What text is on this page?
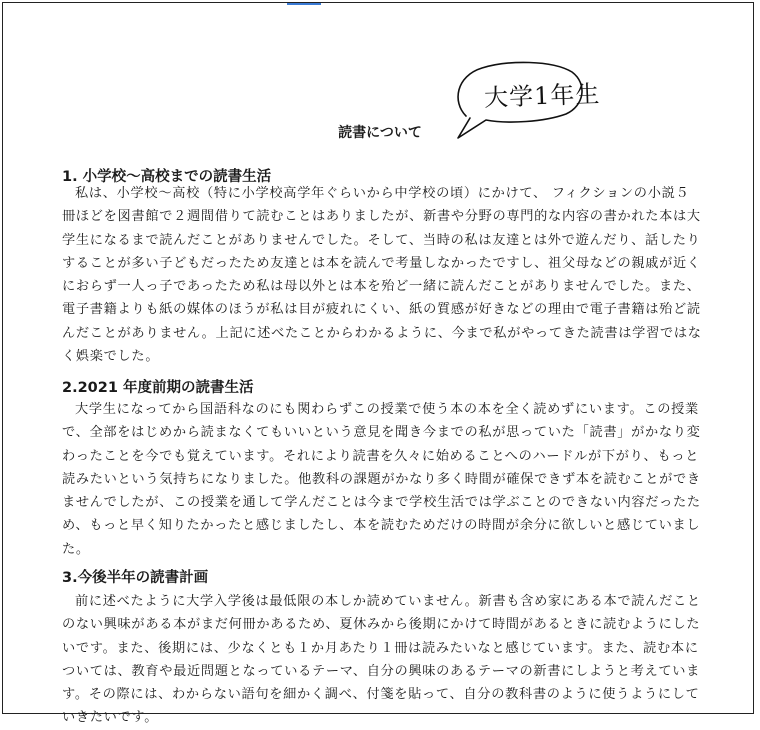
大学1年生
読書について
1. 小学校～高校までの読書生活
私は、小学校～高校（特に小学校高学年ぐらいから中学校の頃）にかけて、 フィクションの小説５
冊ほどを図書館で２週間借りて読むことはありましたが、新書や分野の専門的な内容の書かれた本は大
学生になるまで読んだことがありませんでした。そして、当時の私は友達とは外で遊んだり、話したり
することが多い子どもだったため友達とは本を読んで考量しなかったですし、祖父母などの親戚が近く
におらず一人っ子であったため私は母以外とは本を殆ど一緒に読んだことがありませんでした。また、
電子書籍よりも紙の媒体のほうが私は目が疲れにくい、紙の質感が好きなどの理由で電子書籍は殆ど読
んだことがありません。上記に述べたことからわかるように、今まで私がやってきた読書は学習ではな
く娯楽でした。
2.2021 年度前期の読書生活
大学生になってから国語科なのにも関わらずこの授業で使う本の本を全く読めずにいます。この授業
で、全部をはじめから読まなくてもいいという意見を聞き今までの私が思っていた「読書」がかなり変
わったことを今でも覚えています。それにより読書を久々に始めることへのハードルが下がり、もっと
読みたいという気持ちになりました。他教科の課題がかなり多く時間が確保できず本を読むことができ
ませんでしたが、この授業を通して学んだことは今まで学校生活では学ぶことのできない内容だったた
め、もっと早く知りたかったと感じましたし、本を読むためだけの時間が余分に欲しいと感じていまし
た。
3.今後半年の読書計画
前に述べたように大学入学後は最低限の本しか読めていません。新書も含め家にある本で読んだこと
のない興味がある本がまだ何冊かあるため、夏休みから後期にかけて時間があるときに読むようにした
いです。また、後期には、少なくとも１か月あたり１冊は読みたいなと感じています。また、読む本に
ついては、教育や最近問題となっているテーマ、自分の興味のあるテーマの新書にしようと考えていま
す。その際には、わからない語句を細かく調べ、付箋を貼って、自分の教科書のように使うようにして
いきたいです。
